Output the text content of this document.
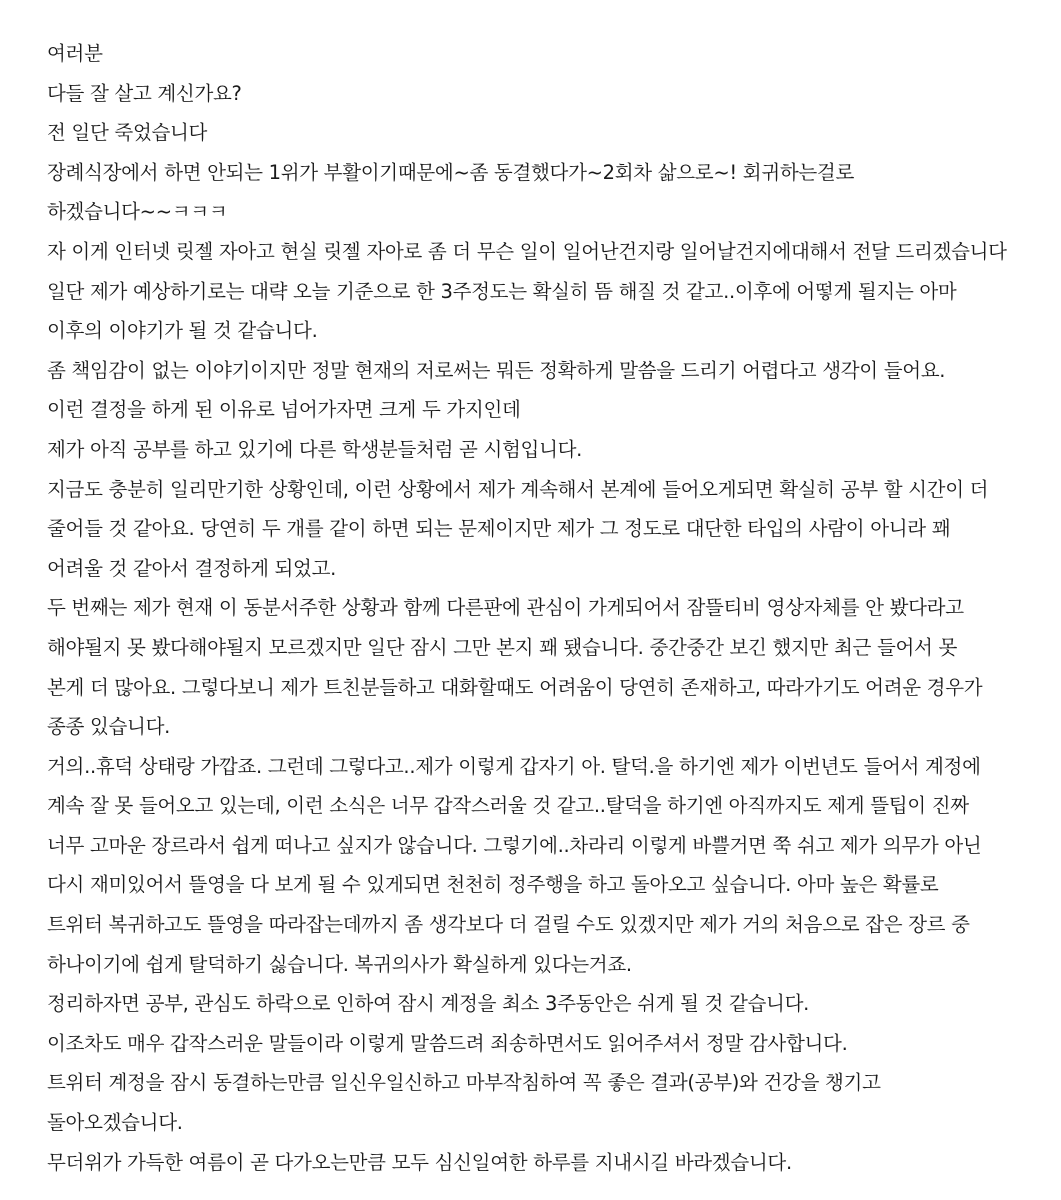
여러분
다들 잘 살고 계신가요?
전 일단 죽었습니다
장례식장에서 하면 안되는 1위가 부활이기때문에~좀 동결했다가~2회차 삶으로~! 회귀하는걸로
하겠습니다~~ㅋㅋㅋ
자 이게 인터넷 릿젤 자아고 현실 릿젤 자아로 좀 더 무슨 일이 일어난건지랑 일어날건지에대해서 전달 드리겠습니다
일단 제가 예상하기로는 대략 오늘 기준으로 한 3주정도는 확실히 뜸 해질 것 같고..이후에 어떻게 될지는 아마
이후의 이야기가 될 것 같습니다.
좀 책임감이 없는 이야기이지만 정말 현재의 저로써는 뭐든 정확하게 말씀을 드리기 어렵다고 생각이 들어요.
이런 결정을 하게 된 이유로 넘어가자면 크게 두 가지인데
제가 아직 공부를 하고 있기에 다른 학생분들처럼 곧 시험입니다.
지금도 충분히 일리만기한 상황인데, 이런 상황에서 제가 계속해서 본계에 들어오게되면 확실히 공부 할 시간이 더
줄어들 것 같아요. 당연히 두 개를 같이 하면 되는 문제이지만 제가 그 정도로 대단한 타입의 사람이 아니라 꽤
어려울 것 같아서 결정하게 되었고.
두 번째는 제가 현재 이 동분서주한 상황과 함께 다른판에 관심이 가게되어서 잠뜰티비 영상자체를 안 봤다라고
해야될지 못 봤다해야될지 모르겠지만 일단 잠시 그만 본지 꽤 됐습니다. 중간중간 보긴 했지만 최근 들어서 못
본게 더 많아요. 그렇다보니 제가 트친분들하고 대화할때도 어려움이 당연히 존재하고, 따라가기도 어려운 경우가
종종 있습니다.
거의..휴덕 상태랑 가깝죠. 그런데 그렇다고..제가 이렇게 갑자기 아. 탈덕.을 하기엔 제가 이번년도 들어서 계정에
계속 잘 못 들어오고 있는데, 이런 소식은 너무 갑작스러울 것 같고..탈덕을 하기엔 아직까지도 제게 뜰팁이 진짜
너무 고마운 장르라서 쉽게 떠나고 싶지가 않습니다. 그렇기에..차라리 이렇게 바쁠거면 쭉 쉬고 제가 의무가 아닌
다시 재미있어서 뜰영을 다 보게 될 수 있게되면 천천히 정주행을 하고 돌아오고 싶습니다. 아마 높은 확률로
트위터 복귀하고도 뜰영을 따라잡는데까지 좀 생각보다 더 걸릴 수도 있겠지만 제가 거의 처음으로 잡은 장르 중
하나이기에 쉽게 탈덕하기 싫습니다. 복귀의사가 확실하게 있다는거죠.
정리하자면 공부, 관심도 하락으로 인하여 잠시 계정을 최소 3주동안은 쉬게 될 것 같습니다.
이조차도 매우 갑작스러운 말들이라 이렇게 말씀드려 죄송하면서도 읽어주셔서 정말 감사합니다.
트위터 계정을 잠시 동결하는만큼 일신우일신하고 마부작침하여 꼭 좋은 결과(공부)와 건강을 챙기고
돌아오겠습니다.
무더위가 가득한 여름이 곧 다가오는만큼 모두 심신일여한 하루를 지내시길 바라겠습니다.
